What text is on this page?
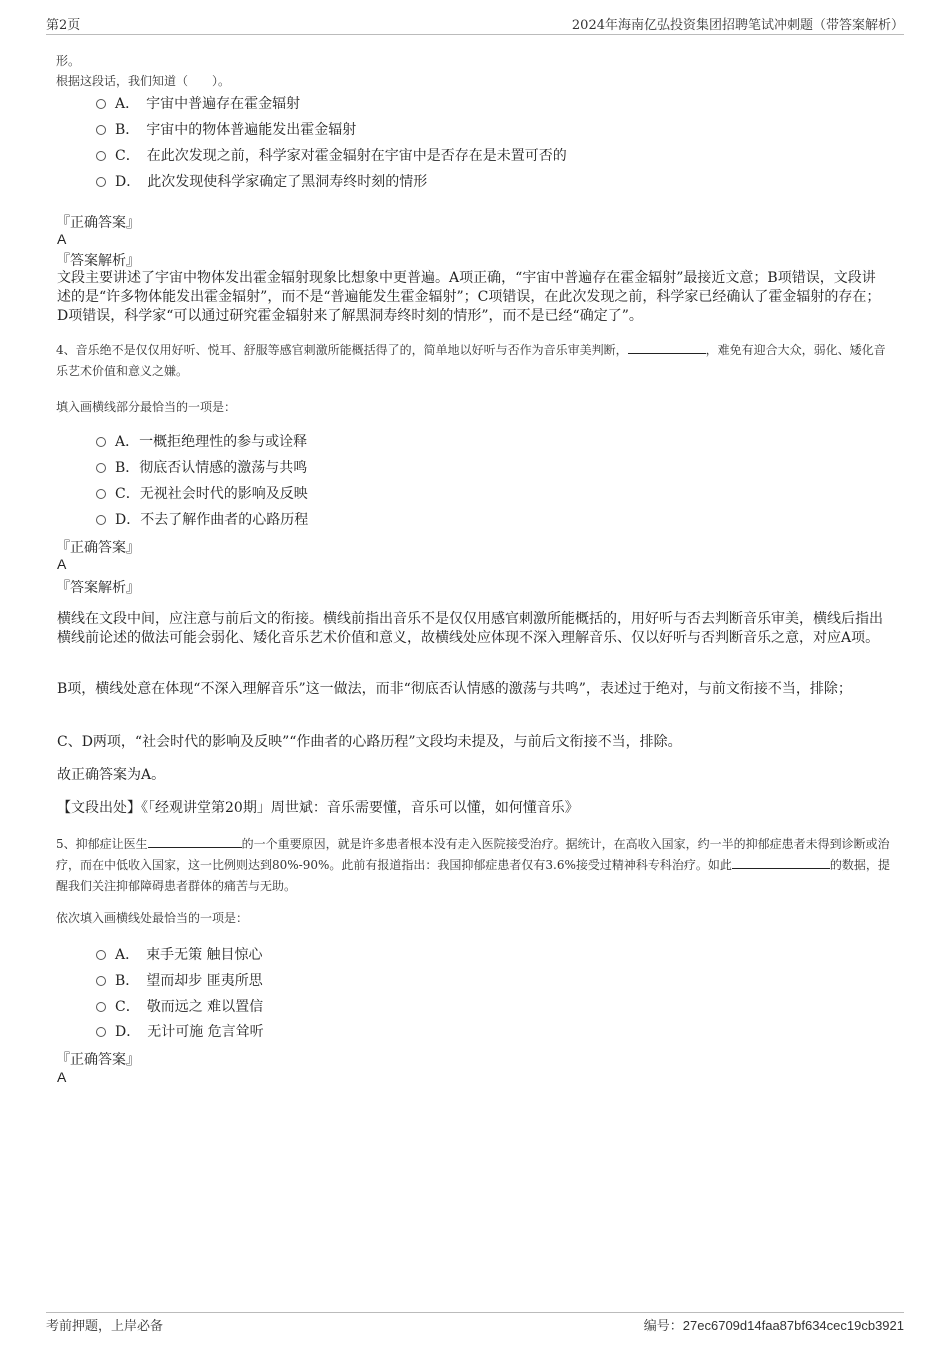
第2页	2024年海南亿弘投资集团招聘笔试冲刺题（带答案解析）
形。
根据这段话，我们知道（　　）。
A．　宇宙中普遍存在霍金辐射
B．　宇宙中的物体普遍能发出霍金辐射
C．　在此次发现之前，科学家对霍金辐射在宇宙中是否存在是未置可否的
D．　此次发现使科学家确定了黑洞寿终时刻的情形
『正确答案』
A
『答案解析』
文段主要讲述了宇宙中物体发出霍金辐射现象比想象中更普遍。A项正确，“宇宙中普遍存在霍金辐射”最接近文意；B项错误，文段讲述的是“许多物体能发出霍金辐射”，而不是“普遍能发生霍金辐射”；C项错误，在此次发现之前，科学家已经确认了霍金辐射的存在；D项错误，科学家“可以通过研究霍金辐射来了解黑洞寿终时刻的情形”，而不是已经“确定了”。
4、音乐绝不是仅仅用好听、悦耳、舒服等感官刺激所能概括得了的，简单地以好听与否作为音乐审美判断，	，难免有迎合大众，弱化、矮化音乐艺术价值和意义之嫌。
填入画横线部分最恰当的一项是：
A．一概拒绝理性的参与或诠释
B．彻底否认情感的激荡与共鸣
C．无视社会时代的影响及反映
D．不去了解作曲者的心路历程
『正确答案』
A
『答案解析』
横线在文段中间，应注意与前后文的衔接。横线前指出音乐不是仅仅用感官刺激所能概括的，用好听与否去判断音乐审美，横线后指出横线前论述的做法可能会弱化、矮化音乐艺术价值和意义，故横线处应体现不深入理解音乐、仅以好听与否判断音乐之意，对应A项。
B项，横线处意在体现“不深入理解音乐”这一做法，而非“彻底否认情感的激荡与共鸣”，表述过于绝对，与前文衔接不当，排除；
C、D两项，“社会时代的影响及反映”“作曲者的心路历程”文段均未提及，与前后文衔接不当，排除。
故正确答案为A。
【文段出处】《「经观讲堂第20期」周世斌：音乐需要懂，音乐可以懂，如何懂音乐》
5、抑郁症让医生	的一个重要原因，就是许多患者根本没有走入医院接受治疗。据统计，在高收入国家，约一半的抑郁症患者未得到诊断或治疗，而在中低收入国家，这一比例则达到80%-90%。此前有报道指出：我国抑郁症患者仅有3.6%接受过精神科专科治疗。如此	的数据，提醒我们关注抑郁障碍患者群体的痛苦与无助。
依次填入画横线处最恰当的一项是：
A．　束手无策 触目惊心
B．　望而却步 匪夷所思
C．　敬而远之 难以置信
D．　无计可施 危言耸听
『正确答案』
A
考前押题，上岸必备	编号：27ec6709d14faa87bf634cec19cb3921
